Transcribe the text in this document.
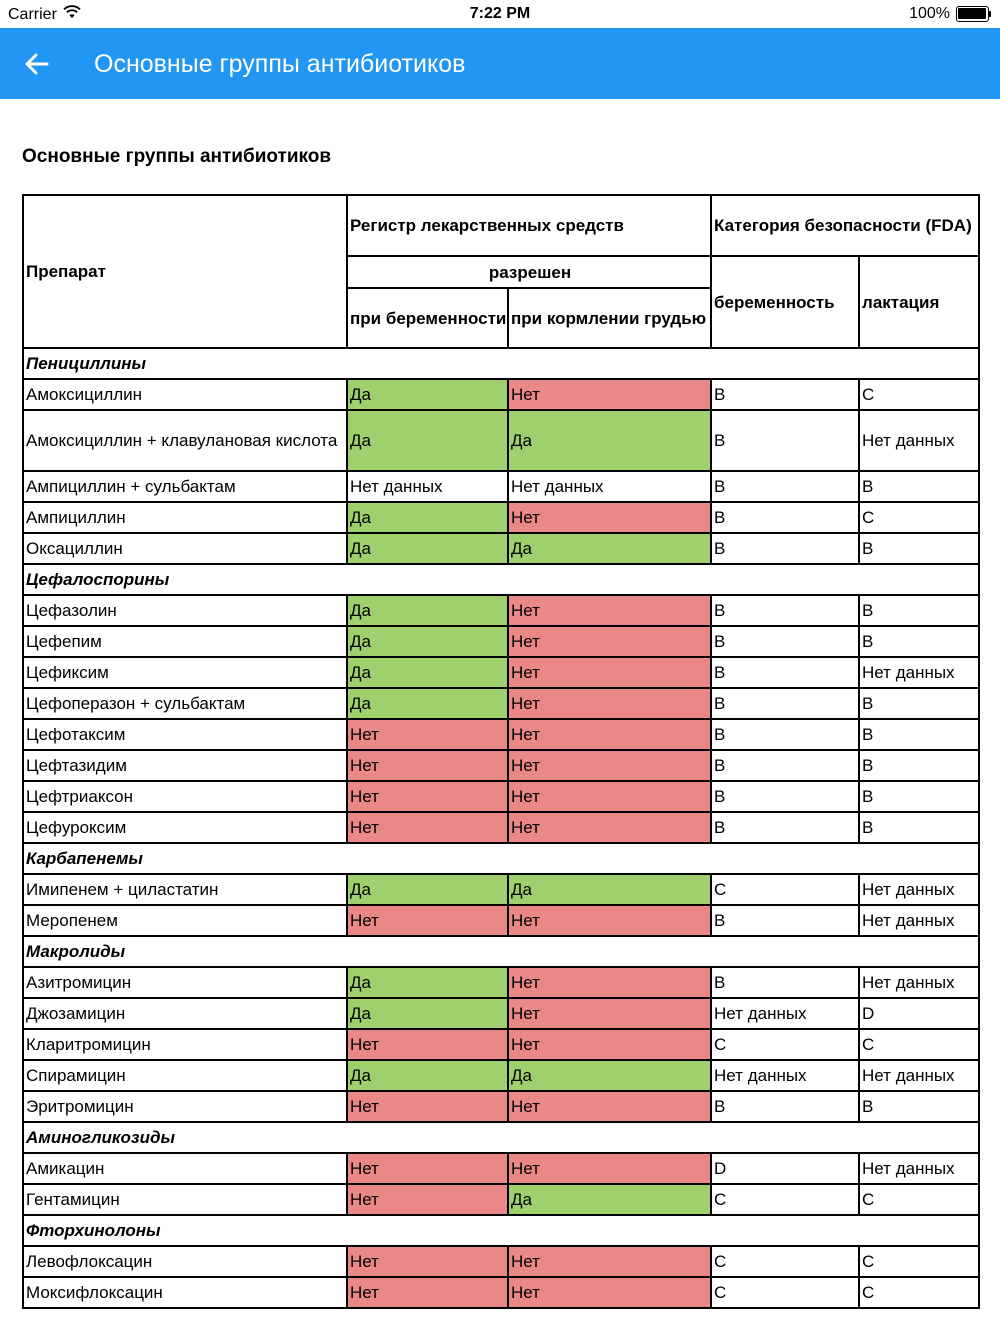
Carrier	7:22 PM	100%
Основные группы антибиотиков
Основные группы антибиотиков
Препарат	Регистр лекарственных средств		Категория безопасности (FDA)	
	разрешен		беременность	лактация
	при беременности	при кормлении грудью		
Пенициллины				
Амоксициллин	Да	Нет	B	C
Амоксициллин + клавулановая кислота	Да	Да	B	Нет данных
Ампициллин + сульбактам	Нет данных	Нет данных	B	B
Ампициллин	Да	Нет	B	C
Оксациллин	Да	Да	B	B
Цефалоспорины				
Цефазолин	Да	Нет	B	B
Цефепим	Да	Нет	B	B
Цефиксим	Да	Нет	B	Нет данных
Цефоперазон + сульбактам	Да	Нет	B	B
Цефотаксим	Нет	Нет	B	B
Цефтазидим	Нет	Нет	B	B
Цефтриаксон	Нет	Нет	B	B
Цефуроксим	Нет	Нет	B	B
Карбапенемы				
Имипенем + циластатин	Да	Да	C	Нет данных
Меропенем	Нет	Нет	B	Нет данных
Макролиды				
Азитромицин	Да	Нет	B	Нет данных
Джозамицин	Да	Нет	Нет данных	D
Кларитромицин	Нет	Нет	C	C
Спирамицин	Да	Да	Нет данных	Нет данных
Эритромицин	Нет	Нет	B	B
Аминогликозиды				
Амикацин	Нет	Нет	D	Нет данных
Гентамицин	Нет	Да	C	C
Фторхинолоны				
Левофлоксацин	Нет	Нет	C	C
Моксифлоксацин	Нет	Нет	C	C
